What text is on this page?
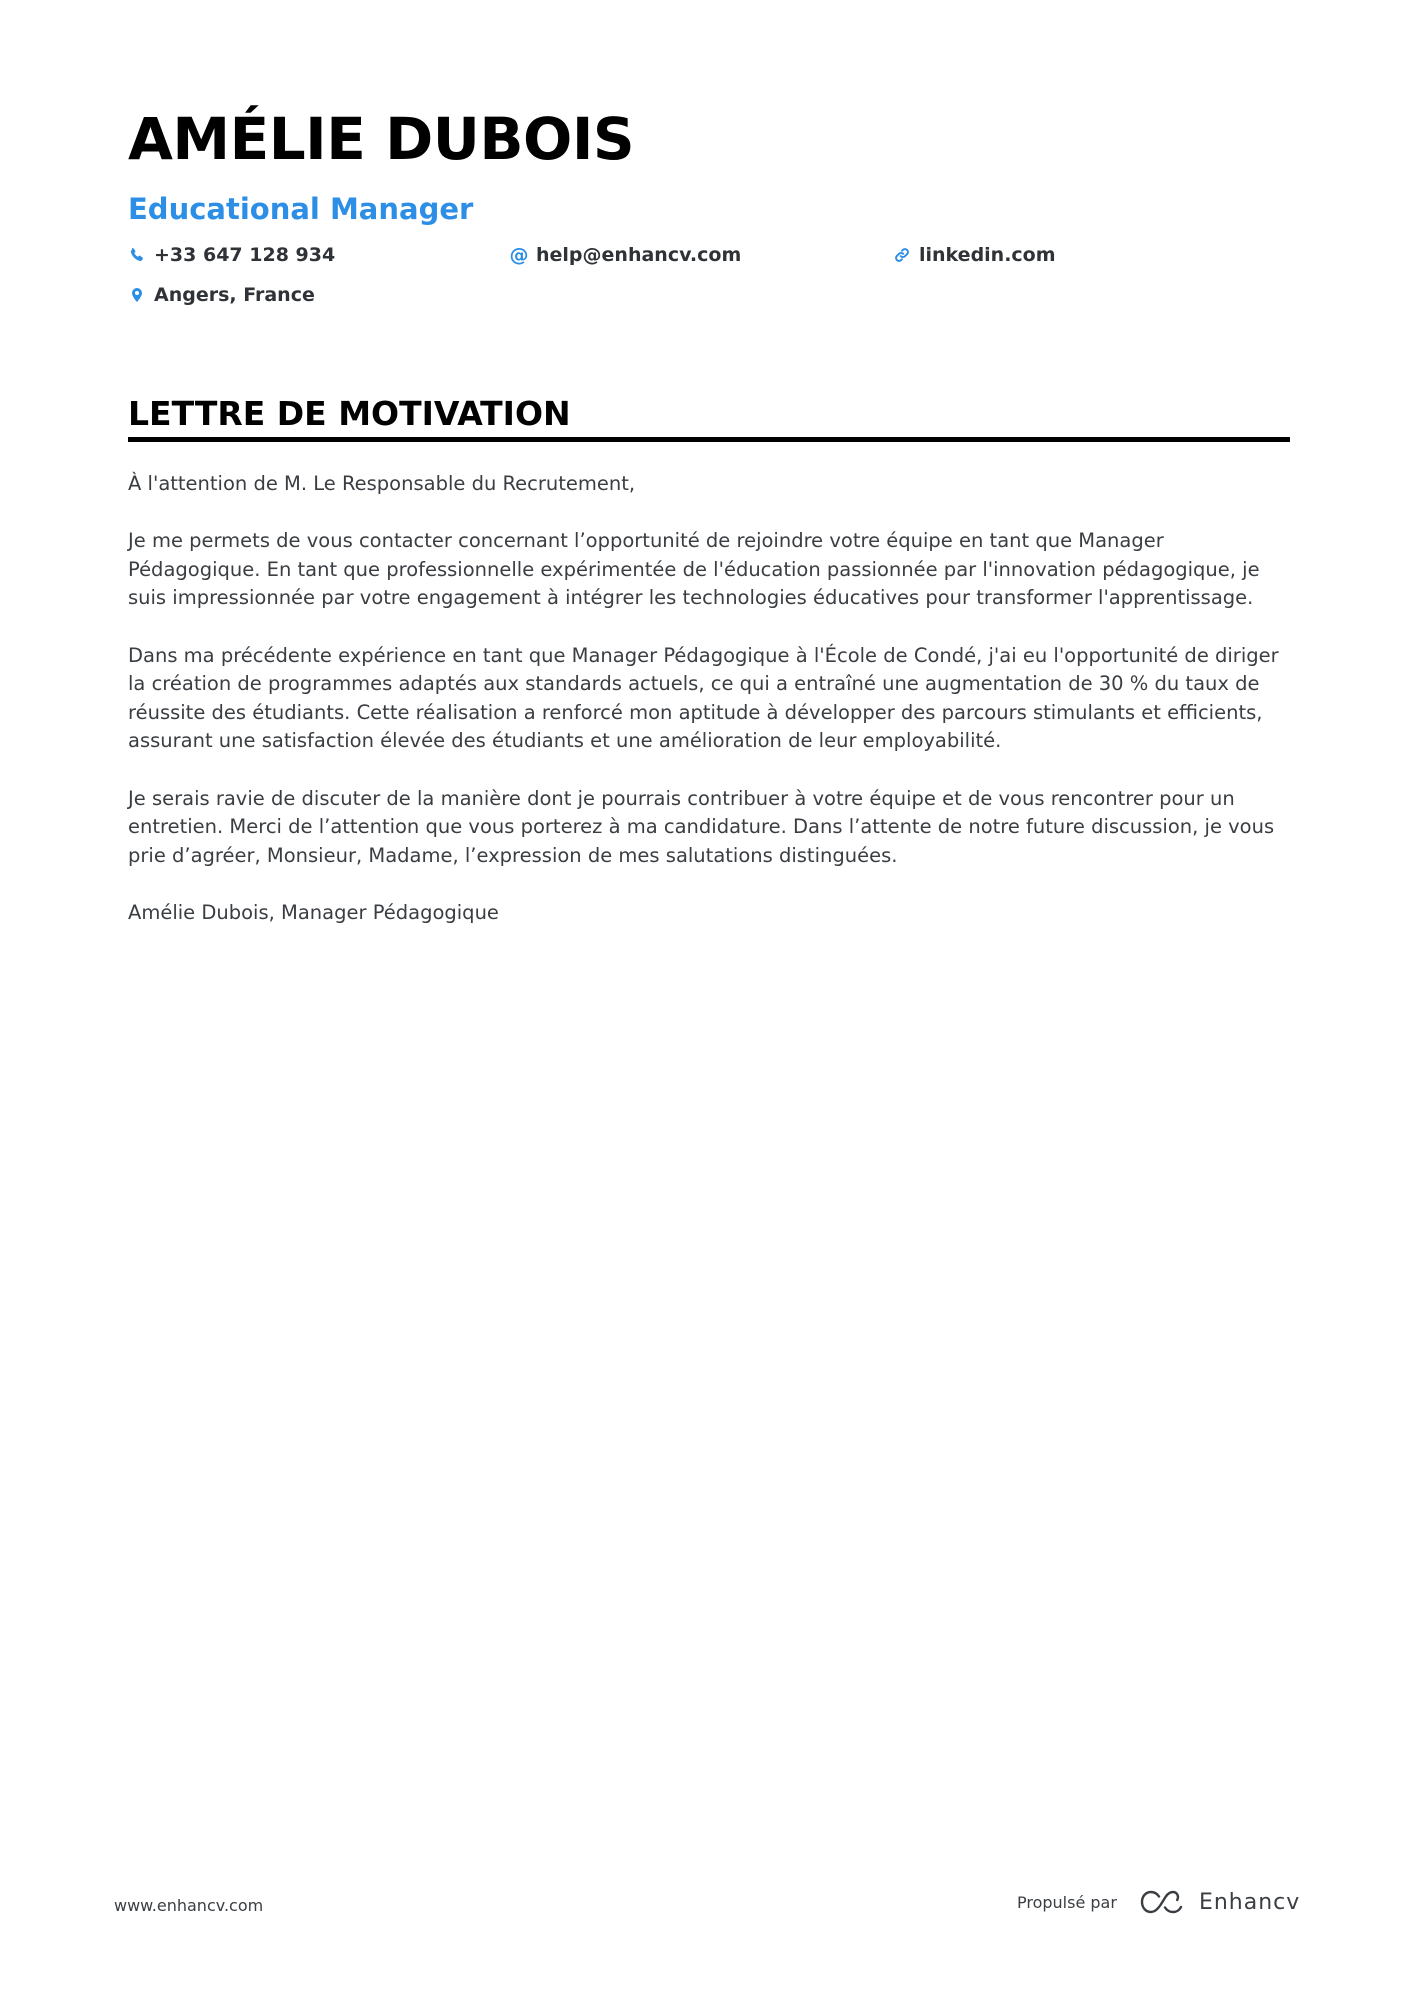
AMÉLIE DUBOIS
Educational Manager
+33 647 128 934	@ help@enhancv.com	linkedin.com
Angers, France
LETTRE DE MOTIVATION

À l'attention de M. Le Responsable du Recrutement,

Je me permets de vous contacter concernant l’opportunité de rejoindre votre équipe en tant que Manager Pédagogique. En tant que professionnelle expérimentée de l'éducation passionnée par l'innovation pédagogique, je suis impressionnée par votre engagement à intégrer les technologies éducatives pour transformer l'apprentissage.

Dans ma précédente expérience en tant que Manager Pédagogique à l'École de Condé, j'ai eu l'opportunité de diriger la création de programmes adaptés aux standards actuels, ce qui a entraîné une augmentation de 30 % du taux de réussite des étudiants. Cette réalisation a renforcé mon aptitude à développer des parcours stimulants et efficients, assurant une satisfaction élevée des étudiants et une amélioration de leur employabilité.

Je serais ravie de discuter de la manière dont je pourrais contribuer à votre équipe et de vous rencontrer pour un entretien. Merci de l’attention que vous porterez à ma candidature. Dans l’attente de notre future discussion, je vous prie d’agréer, Monsieur, Madame, l’expression de mes salutations distinguées.

Amélie Dubois, Manager Pédagogique

www.enhancv.com	Propulsé par	Enhancv
